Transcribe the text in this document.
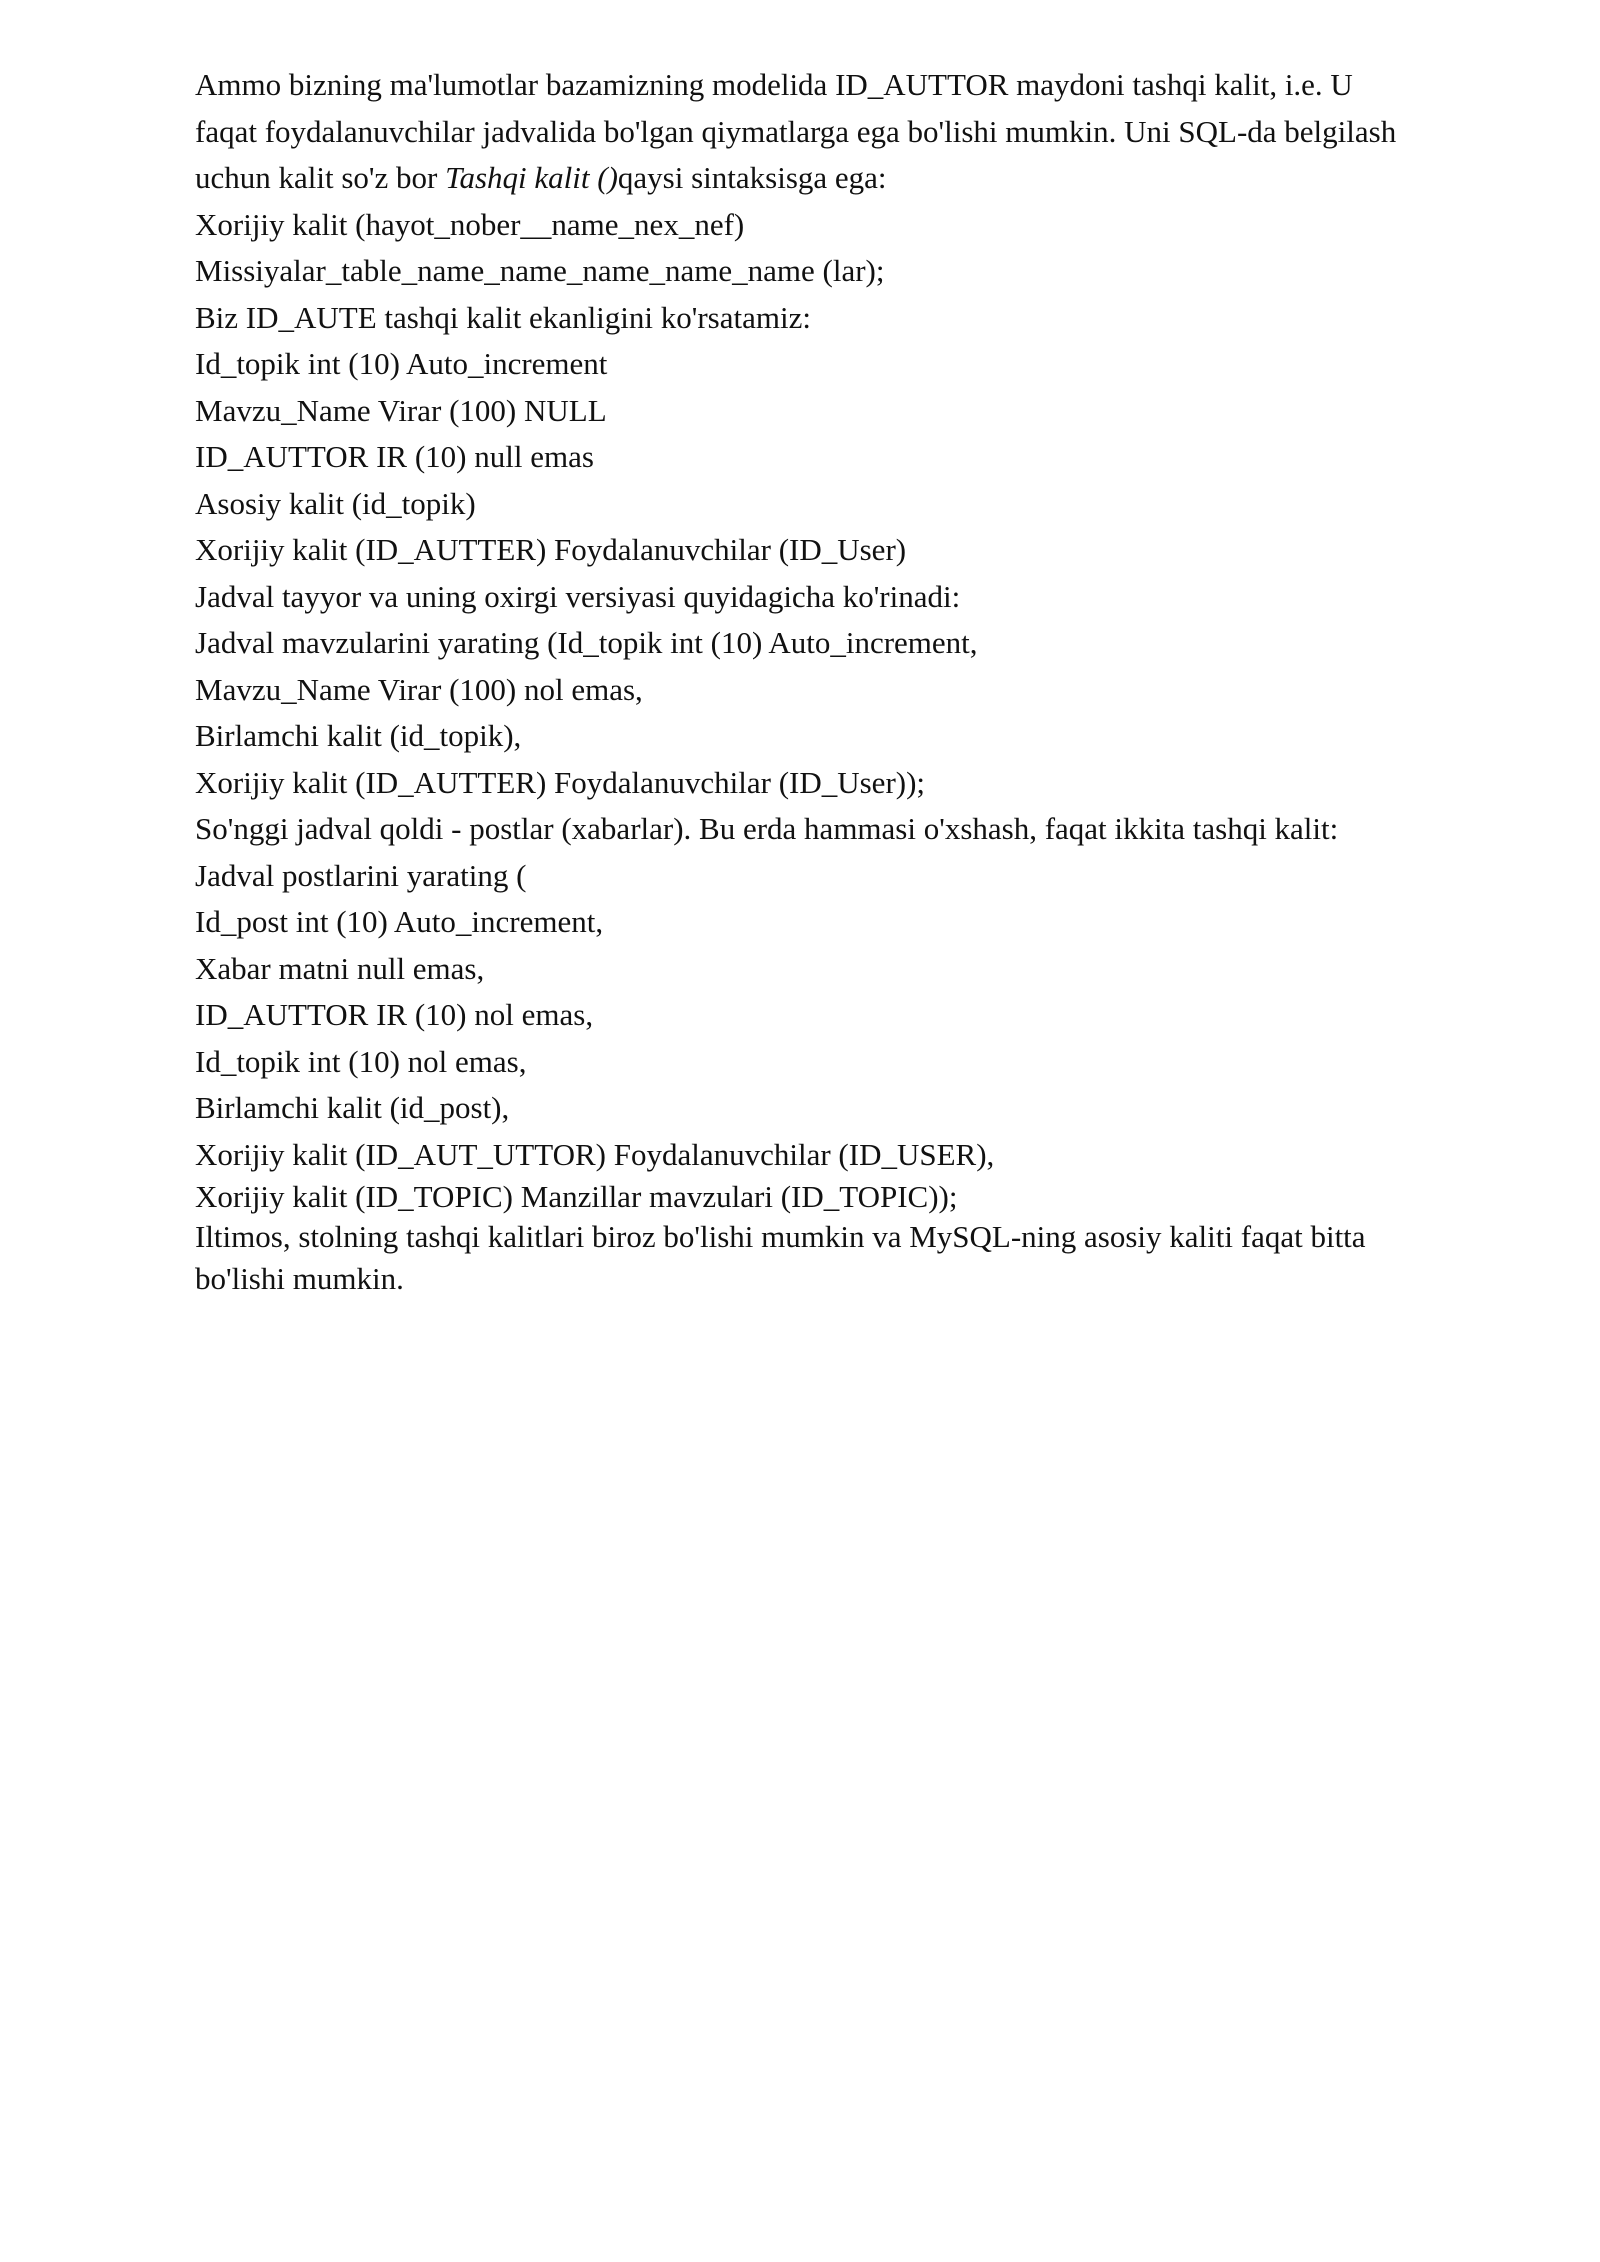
Ammo bizning ma'lumotlar bazamizning modelida ID_AUTTOR maydoni tashqi kalit, i.e. U faqat foydalanuvchilar jadvalida bo'lgan qiymatlarga ega bo'lishi mumkin. Uni SQL-da belgilash uchun kalit so'z bor Tashqi kalit ()qaysi sintaksisga ega:

Xorijiy kalit (hayot_nober__name_nex_nef)

Missiyalar_table_name_name_name_name_name (lar);

Biz ID_AUTE tashqi kalit ekanligini ko'rsatamiz:

Id_topik int (10) Auto_increment

Mavzu_Name Virar (100) NULL

ID_AUTTOR IR (10) null emas

Asosiy kalit (id_topik)

Xorijiy kalit (ID_AUTTER) Foydalanuvchilar (ID_User)

Jadval tayyor va uning oxirgi versiyasi quyidagicha ko'rinadi:

Jadval mavzularini yarating (Id_topik int (10) Auto_increment,

Mavzu_Name Virar (100) nol emas,

Birlamchi kalit (id_topik),

Xorijiy kalit (ID_AUTTER) Foydalanuvchilar (ID_User));

So'nggi jadval qoldi - postlar (xabarlar). Bu erda hammasi o'xshash, faqat ikkita tashqi kalit:

Jadval postlarini yarating (

Id_post int (10) Auto_increment,

Xabar matni null emas,

ID_AUTTOR IR (10) nol emas,

Id_topik int (10) nol emas,

Birlamchi kalit (id_post),

Xorijiy kalit (ID_AUT_UTTOR) Foydalanuvchilar (ID_USER),

Xorijiy kalit (ID_TOPIC) Manzillar mavzulari (ID_TOPIC));

Iltimos, stolning tashqi kalitlari biroz bo'lishi mumkin va MySQL-ning asosiy kaliti faqat bitta bo'lishi mumkin.
